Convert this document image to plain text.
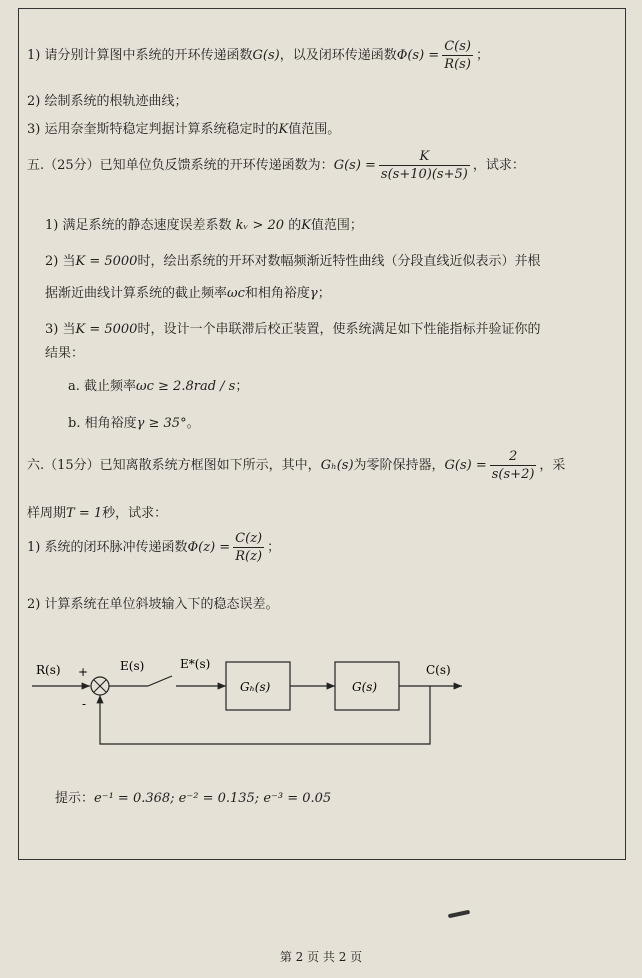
1) 请分别计算图中系统的开环传递函数G(s)，以及闭环传递函数$\Phi(s) = \frac{C(s)}{R(s)}$ ；
2) 绘制系统的根轨迹曲线；
3) 运用奈奎斯特稳定判据计算系统稳定时的K值范围。
五.（25分）已知单位负反馈系统的开环传递函数为：$G(s) = \frac{K}{s(s+10)(s+5)}$ ，试求：
1) 满足系统的静态速度误差系数 kᵥ > 20 的K值范围；
2) 当K = 5000时，绘出系统的开环对数幅频渐近特性曲线（分段直线近似表示）并根
据渐近曲线计算系统的截止频率ωc和相角裕度γ；
3) 当K = 5000时，设计一个串联滞后校正装置，使系统满足如下性能指标并验证你的
结果：
a. 截止频率ωc ≥ 2.8rad / s；
b. 相角裕度γ ≥ 35°。
六.（15分）已知离散系统方框图如下所示，其中，Gₕ(s)为零阶保持器，$G(s) = \frac{2}{s(s+2)}$ ，采
样周期T = 1秒，试求：
1) 系统的闭环脉冲传递函数$\Phi(z) = \frac{C(z)}{R(z)}$ ；
2) 计算系统在单位斜坡输入下的稳态误差。
R(s) +
-
E(s)	E*(s)
Gₕ(s)	G(s)
C(s)
提示：e⁻¹ = 0.368; e⁻² = 0.135; e⁻³ = 0.05
第 2 页 共 2 页
